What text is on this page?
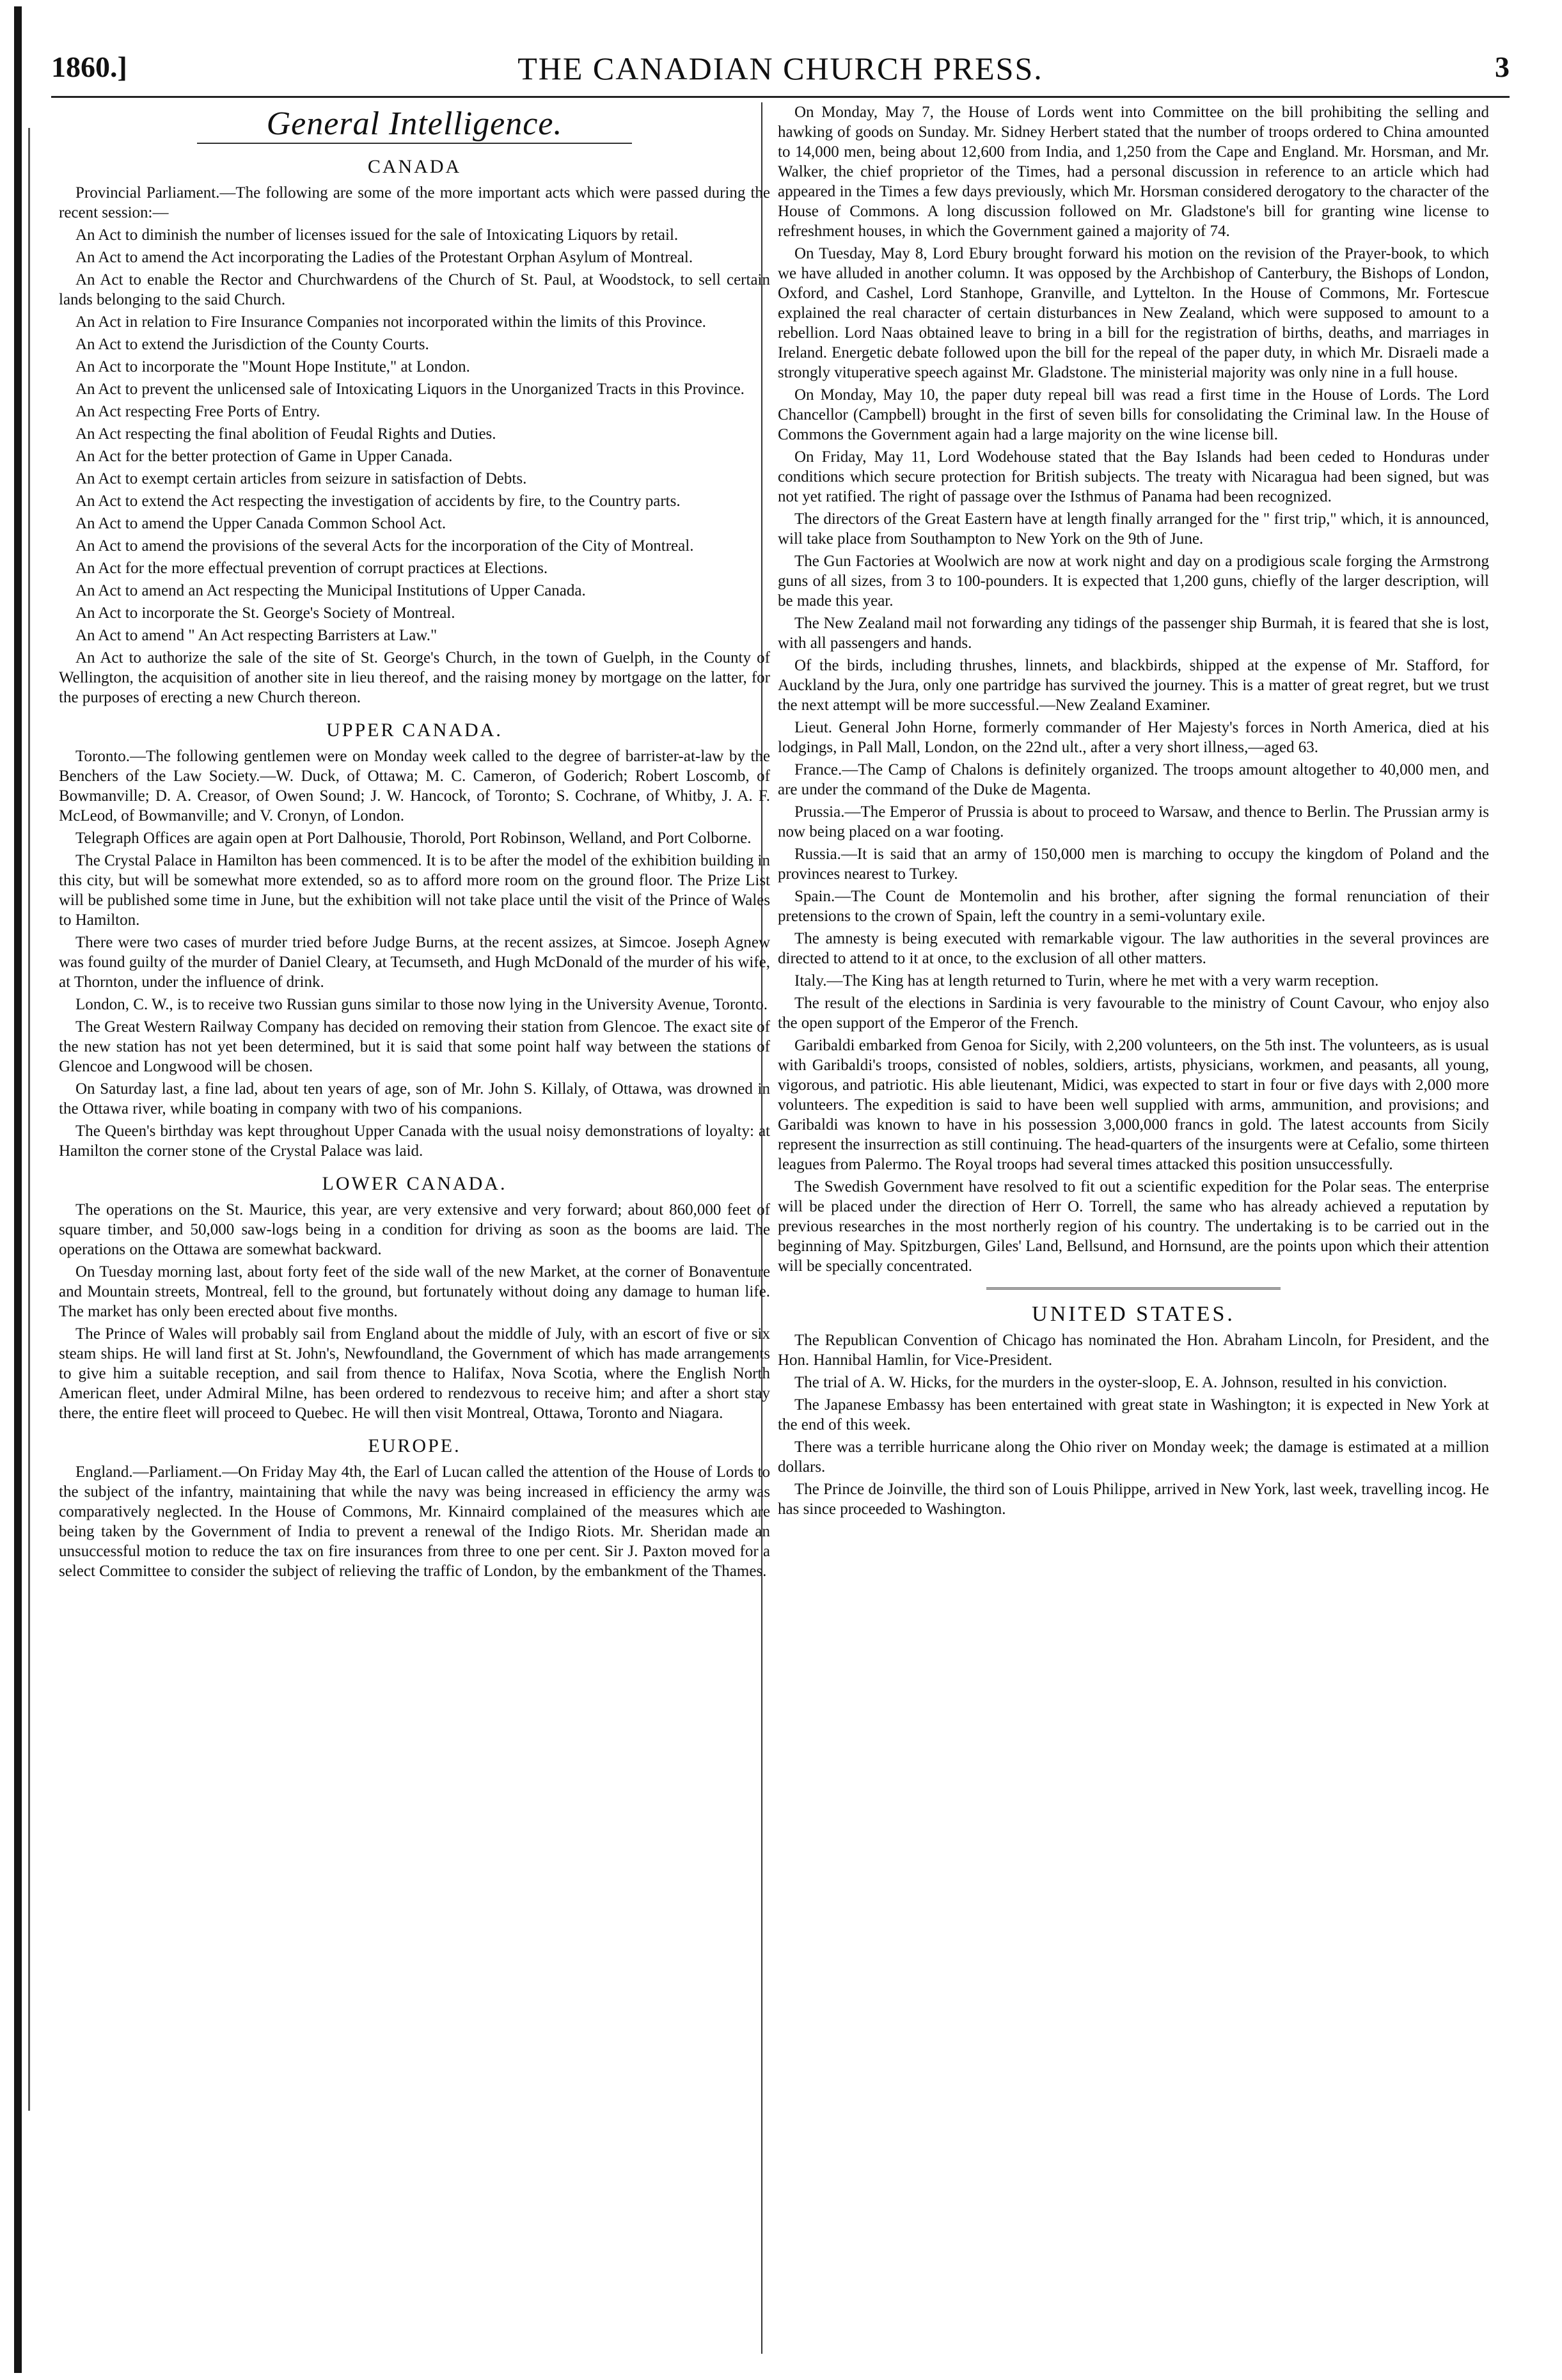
1860.]	THE CANADIAN CHURCH PRESS.	3
General Intelligence.
CANADA

Provincial Parliament.—The following are some of the more important acts which were passed during the recent session:—

An Act to diminish the number of licenses issued for the sale of Intoxicating Liquors by retail.

An Act to amend the Act incorporating the Ladies of the Protestant Orphan Asylum of Montreal.

An Act to enable the Rector and Churchwardens of the Church of St. Paul, at Woodstock, to sell certain lands belonging to the said Church.

An Act in relation to Fire Insurance Companies not incorporated within the limits of this Province.

An Act to extend the Jurisdiction of the County Courts.

An Act to incorporate the "Mount Hope Institute," at London.

An Act to prevent the unlicensed sale of Intoxicating Liquors in the Unorganized Tracts in this Province.

An Act respecting Free Ports of Entry.

An Act respecting the final abolition of Feudal Rights and Duties.

An Act for the better protection of Game in Upper Canada.

An Act to exempt certain articles from seizure in satisfaction of Debts.

An Act to extend the Act respecting the investigation of accidents by fire, to the Country parts.

An Act to amend the Upper Canada Common School Act.

An Act to amend the provisions of the several Acts for the incorporation of the City of Montreal.

An Act for the more effectual prevention of corrupt practices at Elections.

An Act to amend an Act respecting the Municipal Institutions of Upper Canada.

An Act to incorporate the St. George's Society of Montreal.

An Act to amend " An Act respecting Barristers at Law."

An Act to authorize the sale of the site of St. George's Church, in the town of Guelph, in the County of Wellington, the acquisition of another site in lieu thereof, and the raising money by mortgage on the latter, for the purposes of erecting a new Church thereon.

UPPER CANADA.

Toronto.—The following gentlemen were on Monday week called to the degree of barrister-at-law by the Benchers of the Law Society.—W. Duck, of Ottawa; M. C. Cameron, of Goderich; Robert Loscomb, of Bowmanville; D. A. Creasor, of Owen Sound; J. W. Hancock, of Toronto; S. Cochrane, of Whitby, J. A. F. McLeod, of Bowmanville; and V. Cronyn, of London.

Telegraph Offices are again open at Port Dalhousie, Thorold, Port Robinson, Welland, and Port Colborne.

The Crystal Palace in Hamilton has been commenced. It is to be after the model of the exhibition building in this city, but will be somewhat more extended, so as to afford more room on the ground floor. The Prize List will be published some time in June, but the exhibition will not take place until the visit of the Prince of Wales to Hamilton.

There were two cases of murder tried before Judge Burns, at the recent assizes, at Simcoe. Joseph Agnew was found guilty of the murder of Daniel Cleary, at Tecumseth, and Hugh McDonald of the murder of his wife, at Thornton, under the influence of drink.

London, C. W., is to receive two Russian guns similar to those now lying in the University Avenue, Toronto.

The Great Western Railway Company has decided on removing their station from Glencoe. The exact site of the new station has not yet been determined, but it is said that some point half way between the stations of Glencoe and Longwood will be chosen.

On Saturday last, a fine lad, about ten years of age, son of Mr. John S. Killaly, of Ottawa, was drowned in the Ottawa river, while boating in company with two of his companions.

The Queen's birthday was kept throughout Upper Canada with the usual noisy demonstrations of loyalty: at Hamilton the corner stone of the Crystal Palace was laid.

LOWER CANADA.

The operations on the St. Maurice, this year, are very extensive and very forward; about 860,000 feet of square timber, and 50,000 saw-logs being in a condition for driving as soon as the booms are laid. The operations on the Ottawa are somewhat backward.

On Tuesday morning last, about forty feet of the side wall of the new Market, at the corner of Bonaventure and Mountain streets, Montreal, fell to the ground, but fortunately without doing any damage to human life. The market has only been erected about five months.

The Prince of Wales will probably sail from England about the middle of July, with an escort of five or six steam ships. He will land first at St. John's, Newfoundland, the Government of which has made arrangements to give him a suitable reception, and sail from thence to Halifax, Nova Scotia, where the English North American fleet, under Admiral Milne, has been ordered to rendezvous to receive him; and after a short stay there, the entire fleet will proceed to Quebec. He will then visit Montreal, Ottawa, Toronto and Niagara.

EUROPE.

England.—Parliament.—On Friday May 4th, the Earl of Lucan called the attention of the House of Lords to the subject of the infantry, maintaining that while the navy was being increased in efficiency the army was comparatively neglected. In the House of Commons, Mr. Kinnaird complained of the measures which are being taken by the Government of India to prevent a renewal of the Indigo Riots. Mr. Sheridan made an unsuccessful motion to reduce the tax on fire insurances from three to one per cent. Sir J. Paxton moved for a select Committee to consider the subject of relieving the traffic of London, by the embankment of the Thames.

On Monday, May 7, the House of Lords went into Committee on the bill prohibiting the selling and hawking of goods on Sunday. Mr. Sidney Herbert stated that the number of troops ordered to China amounted to 14,000 men, being about 12,600 from India, and 1,250 from the Cape and England. Mr. Horsman, and Mr. Walker, the chief proprietor of the Times, had a personal discussion in reference to an article which had appeared in the Times a few days previously, which Mr. Horsman considered derogatory to the character of the House of Commons. A long discussion followed on Mr. Gladstone's bill for granting wine license to refreshment houses, in which the Government gained a majority of 74.

On Tuesday, May 8, Lord Ebury brought forward his motion on the revision of the Prayer-book, to which we have alluded in another column. It was opposed by the Archbishop of Canterbury, the Bishops of London, Oxford, and Cashel, Lord Stanhope, Granville, and Lyttelton. In the House of Commons, Mr. Fortescue explained the real character of certain disturbances in New Zealand, which were supposed to amount to a rebellion. Lord Naas obtained leave to bring in a bill for the registration of births, deaths, and marriages in Ireland. Energetic debate followed upon the bill for the repeal of the paper duty, in which Mr. Disraeli made a strongly vituperative speech against Mr. Gladstone. The ministerial majority was only nine in a full house.

On Monday, May 10, the paper duty repeal bill was read a first time in the House of Lords. The Lord Chancellor (Campbell) brought in the first of seven bills for consolidating the Criminal law. In the House of Commons the Government again had a large majority on the wine license bill.

On Friday, May 11, Lord Wodehouse stated that the Bay Islands had been ceded to Honduras under conditions which secure protection for British subjects. The treaty with Nicaragua had been signed, but was not yet ratified. The right of passage over the Isthmus of Panama had been recognized.

The directors of the Great Eastern have at length finally arranged for the " first trip," which, it is announced, will take place from Southampton to New York on the 9th of June.

The Gun Factories at Woolwich are now at work night and day on a prodigious scale forging the Armstrong guns of all sizes, from 3 to 100-pounders. It is expected that 1,200 guns, chiefly of the larger description, will be made this year.

The New Zealand mail not forwarding any tidings of the passenger ship Burmah, it is feared that she is lost, with all passengers and hands.

Of the birds, including thrushes, linnets, and blackbirds, shipped at the expense of Mr. Stafford, for Auckland by the Jura, only one partridge has survived the journey. This is a matter of great regret, but we trust the next attempt will be more successful.—New Zealand Examiner.

Lieut. General John Horne, formerly commander of Her Majesty's forces in North America, died at his lodgings, in Pall Mall, London, on the 22nd ult., after a very short illness,—aged 63.

France.—The Camp of Chalons is definitely organized. The troops amount altogether to 40,000 men, and are under the command of the Duke de Magenta.

Prussia.—The Emperor of Prussia is about to proceed to Warsaw, and thence to Berlin. The Prussian army is now being placed on a war footing.

Russia.—It is said that an army of 150,000 men is marching to occupy the kingdom of Poland and the provinces nearest to Turkey.

Spain.—The Count de Montemolin and his brother, after signing the formal renunciation of their pretensions to the crown of Spain, left the country in a semi-voluntary exile.

The amnesty is being executed with remarkable vigour. The law authorities in the several provinces are directed to attend to it at once, to the exclusion of all other matters.

Italy.—The King has at length returned to Turin, where he met with a very warm reception.

The result of the elections in Sardinia is very favourable to the ministry of Count Cavour, who enjoy also the open support of the Emperor of the French.

Garibaldi embarked from Genoa for Sicily, with 2,200 volunteers, on the 5th inst. The volunteers, as is usual with Garibaldi's troops, consisted of nobles, soldiers, artists, physicians, workmen, and peasants, all young, vigorous, and patriotic. His able lieutenant, Midici, was expected to start in four or five days with 2,000 more volunteers. The expedition is said to have been well supplied with arms, ammunition, and provisions; and Garibaldi was known to have in his possession 3,000,000 francs in gold. The latest accounts from Sicily represent the insurrection as still continuing. The head-quarters of the insurgents were at Cefalio, some thirteen leagues from Palermo. The Royal troops had several times attacked this position unsuccessfully.

The Swedish Government have resolved to fit out a scientific expedition for the Polar seas. The enterprise will be placed under the direction of Herr O. Torrell, the same who has already achieved a reputation by previous researches in the most northerly region of his country. The undertaking is to be carried out in the beginning of May. Spitzburgen, Giles' Land, Bellsund, and Hornsund, are the points upon which their attention will be specially concentrated.

UNITED STATES.

The Republican Convention of Chicago has nominated the Hon. Abraham Lincoln, for President, and the Hon. Hannibal Hamlin, for Vice-President.

The trial of A. W. Hicks, for the murders in the oyster-sloop, E. A. Johnson, resulted in his conviction.

The Japanese Embassy has been entertained with great state in Washington; it is expected in New York at the end of this week.

There was a terrible hurricane along the Ohio river on Monday week; the damage is estimated at a million dollars.

The Prince de Joinville, the third son of Louis Philippe, arrived in New York, last week, travelling incog. He has since proceeded to Washington.
